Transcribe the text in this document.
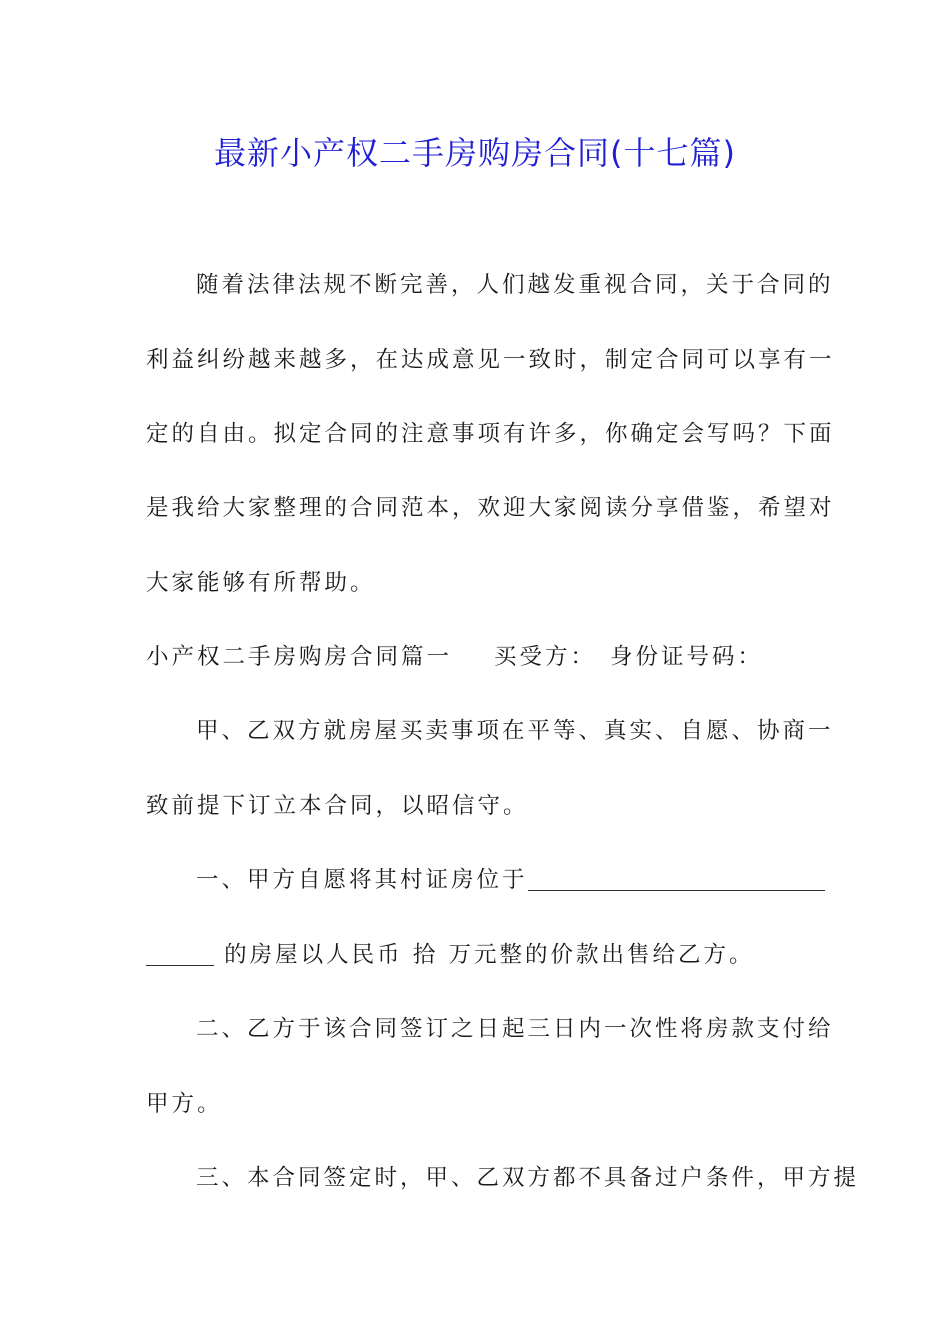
最新小产权二手房购房合同(十七篇)
随着法律法规不断完善，人们越发重视合同，关于合同的
利益纠纷越来越多，在达成意见一致时，制定合同可以享有一
定的自由。拟定合同的注意事项有许多，你确定会写吗？下面
是我给大家整理的合同范本，欢迎大家阅读分享借鉴，希望对
大家能够有所帮助。
小产权二手房购房合同篇一 买受方： 身份证号码：
甲、乙双方就房屋买卖事项在平等、真实、自愿、协商一
致前提下订立本合同，以昭信守。
一、甲方自愿将其村证房位于
的房屋以人民币 拾 万元整的价款出售给乙方。
二、乙方于该合同签订之日起三日内一次性将房款支付给
甲方。
三、本合同签定时，甲、乙双方都不具备过户条件，甲方提
